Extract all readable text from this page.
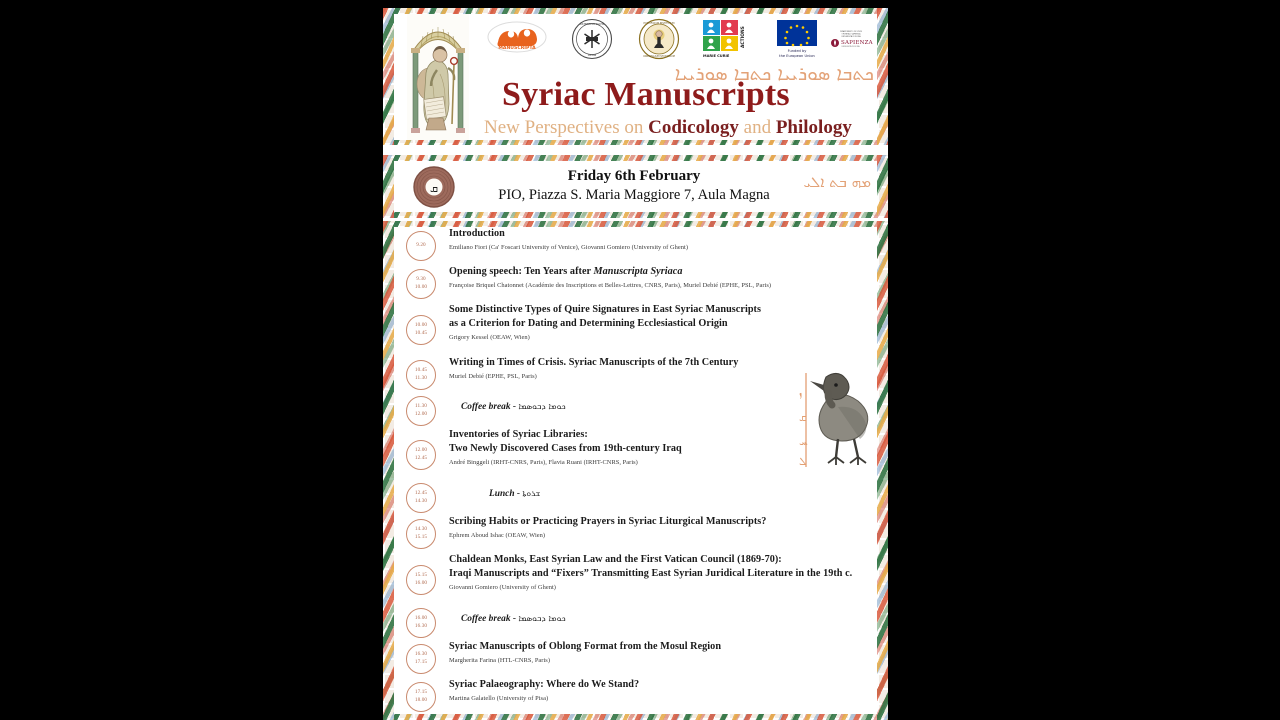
MANUSCRIPTA
ÖSTERREICHISCHE
OEAW
PONTIFICIUM INSTITUTUM
ORIENTALIUM STUDIORUM
ACTIONS
MARIE CURIE
Funded by
the European Union
DIPARTIMENTO DI STUDI
ORIENTALI SAPIENZA
UNIVERSITÀ DI ROMA
SAPIENZA
UNIVERSITÀ DI ROMA
ܟܬܒܐ ܣܘܪܝܝܐ ܟܬܒܐ ܣܘܪܝܝܐ
Syriac Manuscripts
New Perspectives on Codicology and Philology
ܩ
Friday 6th February
PIO, Piazza S. Maria Maggiore 7, Aula Magna
ܡܗ ܒܬ ܐܠܝ
9.20
Introduction
Emiliano Fiori (Ca' Foscari University of Venice), Giovanni Gomiero (University of Ghent)
9.30
10.00
Opening speech: Ten Years after Manuscripta Syriaca
Françoise Briquel Chatonnet (Académie des Inscriptions et Belles-Lettres, CNRS, Paris), Muriel Debié (EPHE, PSL, Paris)
10.00
10.45
Some Distinctive Types of Quire Signatures in East Syriac Manuscripts
as a Criterion for Dating and Determining Ecclesiastical Origin
Grigory Kessel (OEAW, Wien)
10.45
11.30
Writing in Times of Crisis. Syriac Manuscripts of the 7th Century
Muriel Debié (EPHE, PSL, Paris)
11.30
12.00
Coffee break - ܟܘܡܐ ܕܒܘܣܡܐ
12.00
12.45
Inventories of Syriac Libraries:
Two Newly Discovered Cases from 19th-century Iraq
André Binggeli (IRHT-CNRS, Paris), Flavia Ruani (IRHT-CNRS, Paris)
12.45
14.30
Lunch - ܫܪܘܬܐ
14.30
15.15
Scribing Habits or Practicing Prayers in Syriac Liturgical Manuscripts?
Ephrem Aboud Ishac (OEAW, Wien)
15.15
16.00
Chaldean Monks, East Syrian Law and the First Vatican Council (1869-70):
Iraqi Manuscripts and “Fixers” Transmitting East Syrian Juridical Literature in the 19th c.
Giovanni Gomiero (University of Ghent)
16.00
16.30
Coffee break - ܟܘܡܐ ܕܒܘܣܡܐ
16.30
17.15
Syriac Manuscripts of Oblong Format from the Mosul Region
Margherita Farina (HTL-CNRS, Paris)
17.15
18.00
Syriac Palaeography: Where do We Stand?
Martina Galatello (University of Pisa)
ܙ
ܩ
ܚ
ܠ
